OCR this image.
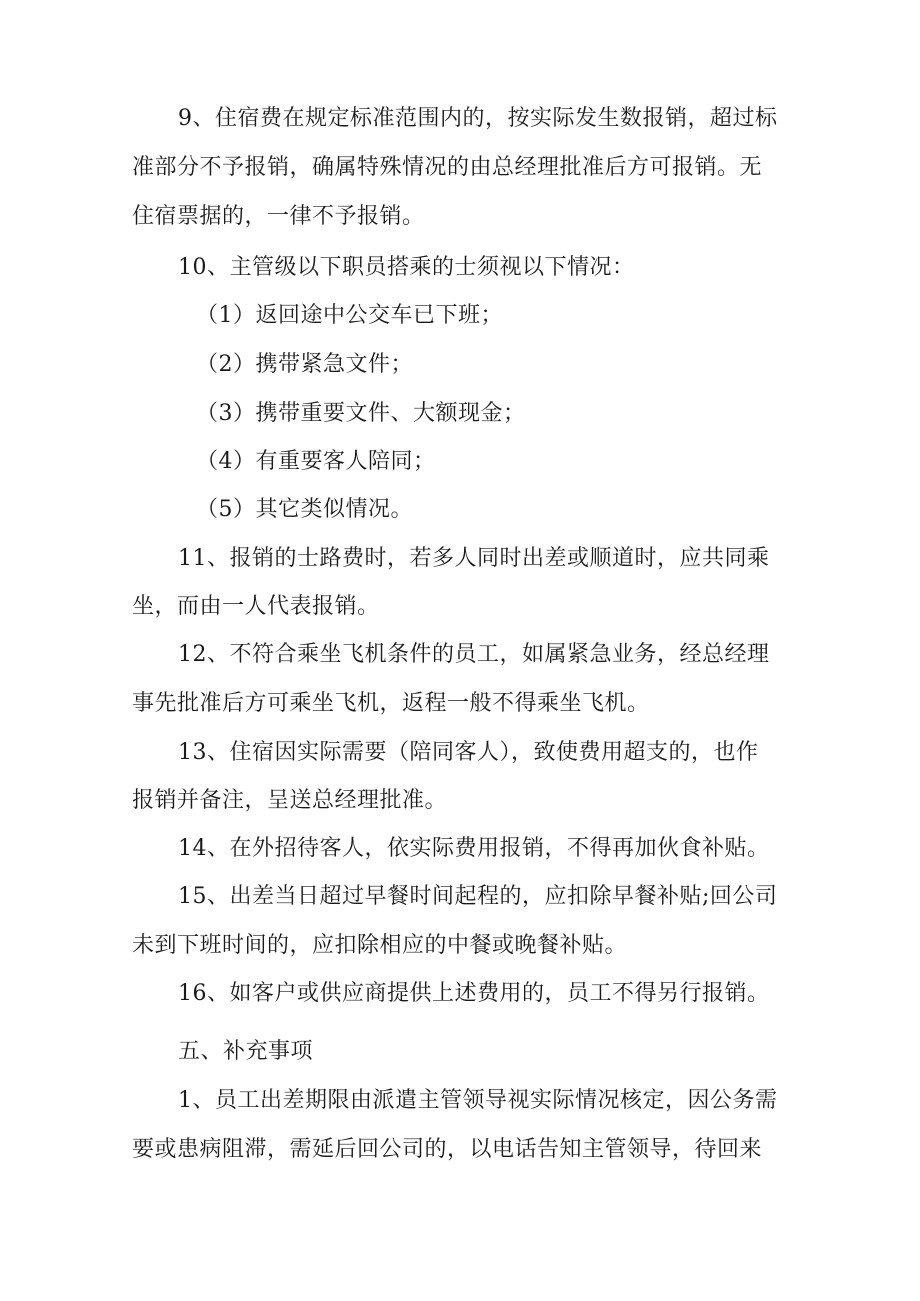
9、住宿费在规定标准范围内的，按实际发生数报销，超过标
准部分不予报销，确属特殊情况的由总经理批准后方可报销。无
住宿票据的，一律不予报销。
10、主管级以下职员搭乘的士须视以下情况：
（1）返回途中公交车已下班；
（2）携带紧急文件；
（3）携带重要文件、大额现金；
（4）有重要客人陪同；
（5）其它类似情况。
11、报销的士路费时，若多人同时出差或顺道时，应共同乘
坐，而由一人代表报销。
12、不符合乘坐飞机条件的员工，如属紧急业务，经总经理
事先批准后方可乘坐飞机，返程一般不得乘坐飞机。
13、住宿因实际需要（陪同客人），致使费用超支的，也作
报销并备注，呈送总经理批准。
14、在外招待客人，依实际费用报销，不得再加伙食补贴。
15、出差当日超过早餐时间起程的，应扣除早餐补贴;回公司
未到下班时间的，应扣除相应的中餐或晚餐补贴。
16、如客户或供应商提供上述费用的，员工不得另行报销。
五、补充事项
1、员工出差期限由派遣主管领导视实际情况核定，因公务需
要或患病阻滞，需延后回公司的，以电话告知主管领导，待回来
